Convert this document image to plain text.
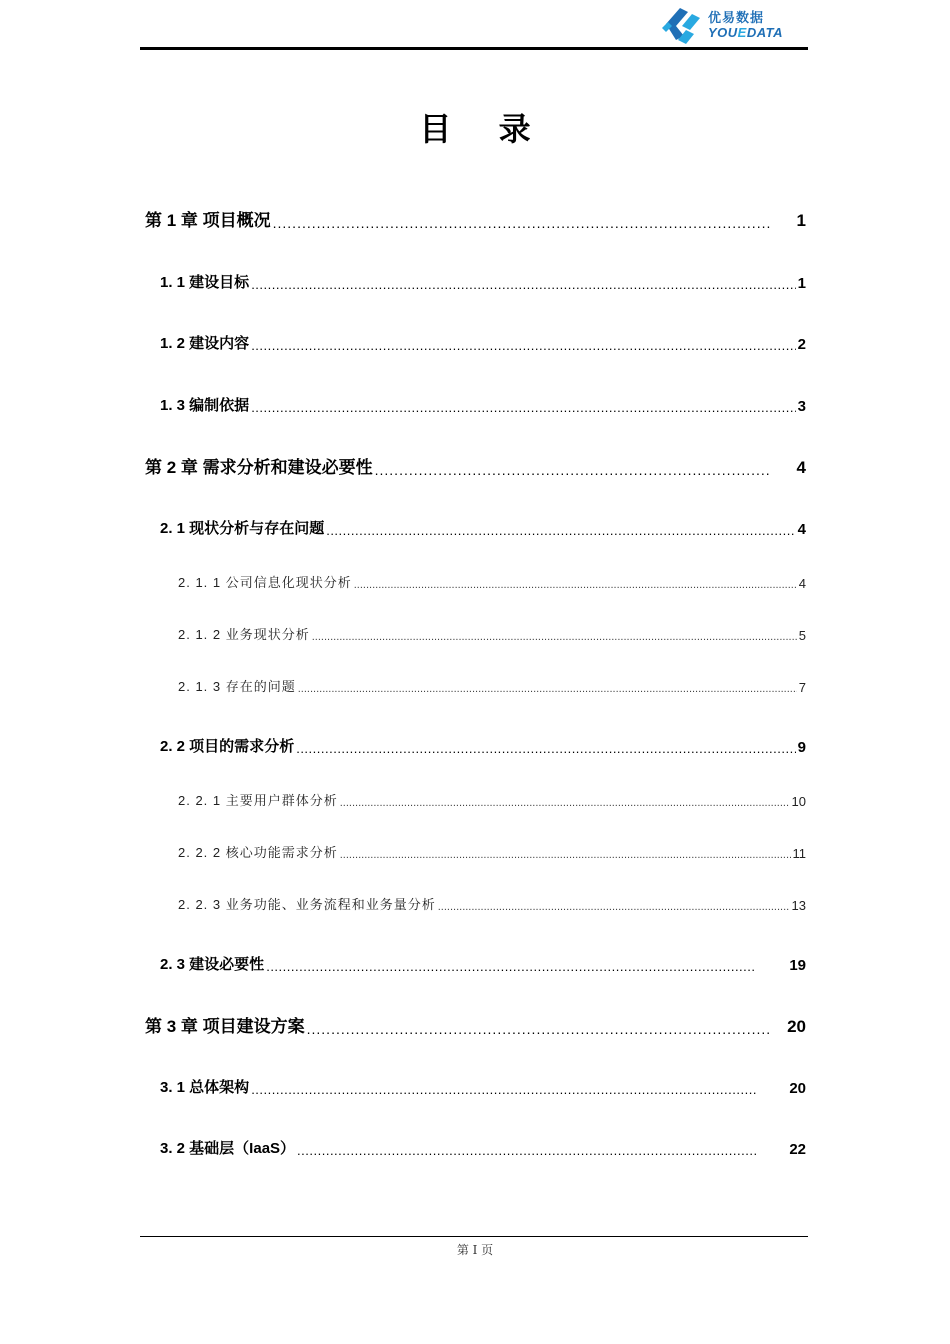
优易数据
YOUEDATA
目 录
第 1 章 项目概况 .....	1
1. 1 建设目标 .....	1
1. 2 建设内容 .....	2
1. 3 编制依据 .....	3
第 2 章 需求分析和建设必要性 .....	4
2. 1 现状分析与存在问题 .....	4
2. 1. 1 公司信息化现状分析 .....	4
2. 1. 2 业务现状分析 .....	5
2. 1. 3 存在的问题 .....	7
2. 2 项目的需求分析 .....	9
2. 2. 1 主要用户群体分析 .....	10
2. 2. 2 核心功能需求分析 .....	11
2. 2. 3 业务功能、业务流程和业务量分析 .....	13
2. 3 建设必要性 .....	19
第 3 章 项目建设方案 .....	20
3. 1 总体架构 .....	20
3. 2 基础层（IaaS） .....	22
第 I 页
